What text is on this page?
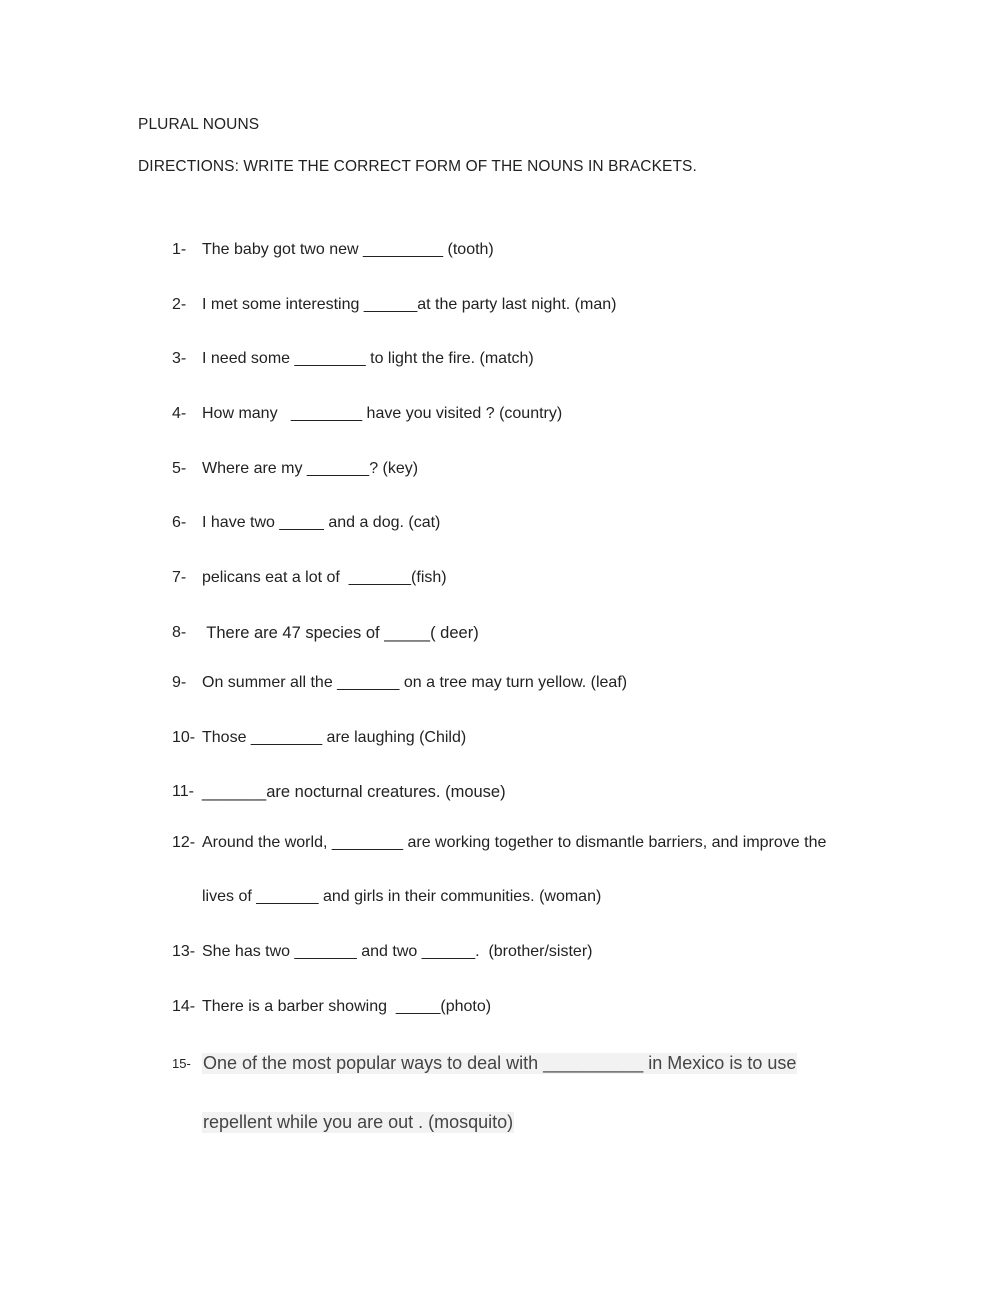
PLURAL NOUNS
DIRECTIONS: WRITE THE CORRECT FORM OF THE NOUNS IN BRACKETS.
1- The baby got two new _________ (tooth)
2- I met some interesting ______at the party last night. (man)
3- I need some ________ to light the fire. (match)
4- How many   ________ have you visited ? (country)
5- Where are my _______? (key)
6- I have two _____ and a dog. (cat)
7- pelicans eat a lot of  _______(fish)
8- There are 47 species of _____( deer)
9- On summer all the _______ on a tree may turn yellow. (leaf)
10- Those ________ are laughing (Child)
11- _______are nocturnal creatures. (mouse)
12- Around the world, ________ are working together to dismantle barriers, and improve the
lives of _______ and girls in their communities. (woman)
13- She has two _______ and two ______.  (brother/sister)
14- There is a barber showing  _____(photo)
15- One of the most popular ways to deal with __________ in Mexico is to use
repellent while you are out . (mosquito)
